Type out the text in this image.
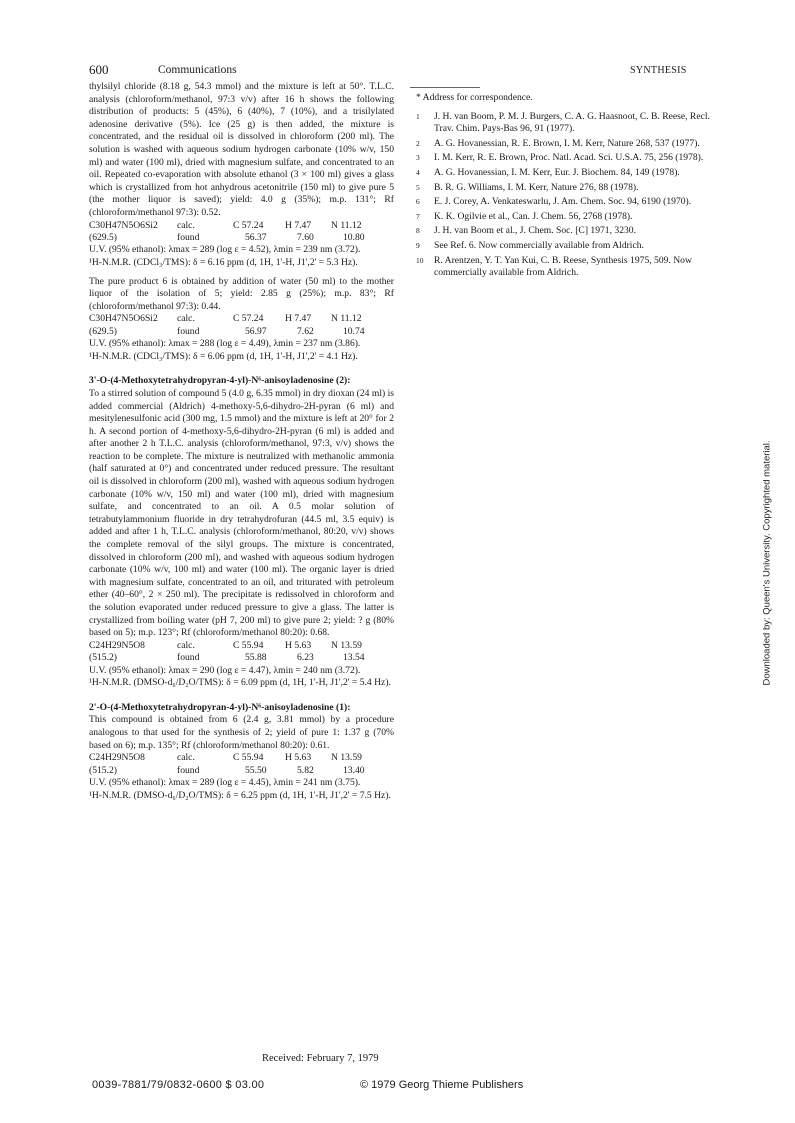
600	Communications	SYNTHESIS

thylsilyl chloride (8.18 g, 54.3 mmol) and the mixture is left at 50°. T.L.C. analysis (chloroform/methanol, 97:3 v/v) after 16 h shows the following distribution of products: 5 (45%), 6 (40%), 7 (10%), and a trisilylated adenosine derivative (5%). Ice (25 g) is then added, the mixture is concentrated, and the residual oil is dissolved in chloroform (200 ml). The solution is washed with aqueous sodium hydrogen carbonate (10% w/v, 150 ml) and water (100 ml), dried with magnesium sulfate, and concentrated to an oil. Repeated co-evaporation with absolute ethanol (3 × 100 ml) gives a glass which is crystallized from hot anhydrous acetonitrile (150 ml) to give pure 5 (the mother liquor is saved); yield: 4.0 g (35%); m.p. 131°; Rf (chloroform/methanol 97:3): 0.52.

C30H47N5O6Si2	calc.	C 57.24	H 7.47	N 11.12
(629.5)	found	56.37	7.60	10.80

U.V. (95% ethanol): λmax = 289 (log ε = 4.52), λmin = 239 nm (3.72).

¹H-N.M.R. (CDCl₃/TMS): δ = 6.16 ppm (d, 1H, 1'-H, J1',2' = 5.3 Hz).

The pure product 6 is obtained by addition of water (50 ml) to the mother liquor of the isolation of 5; yield: 2.85 g (25%); m.p. 83°; Rf (chloroform/methanol 97:3): 0.44.

C30H47N5O6Si2	calc.	C 57.24	H 7.47	N 11.12
(629.5)	found	56.97	7.62	10.74

U.V. (95% ethanol): λmax = 288 (log ε = 4.49), λmin = 237 nm (3.86).

¹H-N.M.R. (CDCl₃/TMS): δ = 6.06 ppm (d, 1H, 1'-H, J1',2' = 4.1 Hz).

3'-O-(4-Methoxytetrahydropyran-4-yl)-N⁶-anisoyladenosine (2):

To a stirred solution of compound 5 (4.0 g, 6.35 mmol) in dry dioxan (24 ml) is added commercial (Aldrich) 4-methoxy-5,6-dihydro-2H-pyran (6 ml) and mesitylenesulfonic acid (300 mg, 1.5 mmol) and the mixture is left at 20° for 2 h. A second portion of 4-methoxy-5,6-dihydro-2H-pyran (6 ml) is added and after another 2 h T.L.C. analysis (chloroform/methanol, 97:3, v/v) shows the reaction to be complete. The mixture is neutralized with methanolic ammonia (half saturated at 0°) and concentrated under reduced pressure. The resultant oil is dissolved in chloroform (200 ml), washed with aqueous sodium hydrogen carbonate (10% w/v, 150 ml) and water (100 ml), dried with magnesium sulfate, and concentrated to an oil. A 0.5 molar solution of tetrabutylammonium fluoride in dry tetrahydrofuran (44.5 ml, 3.5 equiv) is added and after 1 h, T.L.C. analysis (chloroform/methanol, 80:20, v/v) shows the complete removal of the silyl groups. The mixture is concentrated, dissolved in chloroform (200 ml), and washed with aqueous sodium hydrogen carbonate (10% w/v, 100 ml) and water (100 ml). The organic layer is dried with magnesium sulfate, concentrated to an oil, and triturated with petroleum ether (40–60°, 2 × 250 ml). The precipitate is redissolved in chloroform and the solution evaporated under reduced pressure to give a glass. The latter is crystallized from boiling water (pH 7, 200 ml) to give pure 2; yield: ? g (80% based on 5); m.p. 123°; Rf (chloroform/methanol 80:20): 0.68.

C24H29N5O8	calc.	C 55.94	H 5.63	N 13.59
(515.2)	found	55.88	6.23	13.54

U.V. (95% ethanol): λmax = 290 (log ε = 4.47), λmin = 240 nm (3.72).

¹H-N.M.R. (DMSO-d₆/D₂O/TMS): δ = 6.09 ppm (d, 1H, 1'-H, J1',2' = 5.4 Hz).

2'-O-(4-Methoxytetrahydropyran-4-yl)-N⁶-anisoyladenosine (1):

This compound is obtained from 6 (2.4 g, 3.81 mmol) by a procedure analogous to that used for the synthesis of 2; yield of pure 1: 1.37 g (70% based on 6); m.p. 135°; Rf (chloroform/methanol 80:20): 0.61.

C24H29N5O8	calc.	C 55.94	H 5.63	N 13.59
(515.2)	found	55.50	5.82	13.40

U.V. (95% ethanol): λmax = 289 (log ε = 4.45), λmin = 241 nm (3.75).

¹H-N.M.R. (DMSO-d₆/D₂O/TMS): δ = 6.25 ppm (d, 1H, 1'-H, J1',2' = 7.5 Hz).

* Address for correspondence.

1	J. H. van Boom, P. M. J. Burgers, C. A. G. Haasnoot, C. B. Reese, Recl. Trav. Chim. Pays-Bas 96, 91 (1977).
2	A. G. Hovanessian, R. E. Brown, I. M. Kerr, Nature 268, 537 (1977).
3	I. M. Kerr, R. E. Brown, Proc. Natl. Acad. Sci. U.S.A. 75, 256 (1978).
4	A. G. Hovanessian, I. M. Kerr, Eur. J. Biochem. 84, 149 (1978).
5	B. R. G. Williams, I. M. Kerr, Nature 276, 88 (1978).
6	E. J. Corey, A. Venkateswarlu, J. Am. Chem. Soc. 94, 6190 (1970).
7	K. K. Ogilvie et al., Can. J. Chem. 56, 2768 (1978).
8	J. H. van Boom et al., J. Chem. Soc. [C] 1971, 3230.
9	See Ref. 6. Now commercially available from Aldrich.
10	R. Arentzen, Y. T. Yan Kui, C. B. Reese, Synthesis 1975, 509. Now commercially available from Aldrich.
Downloaded by: Queen's University. Copyrighted material.
Received: February 7, 1979
0039-7881/79/0832-0600 $ 03.00	© 1979 Georg Thieme Publishers
